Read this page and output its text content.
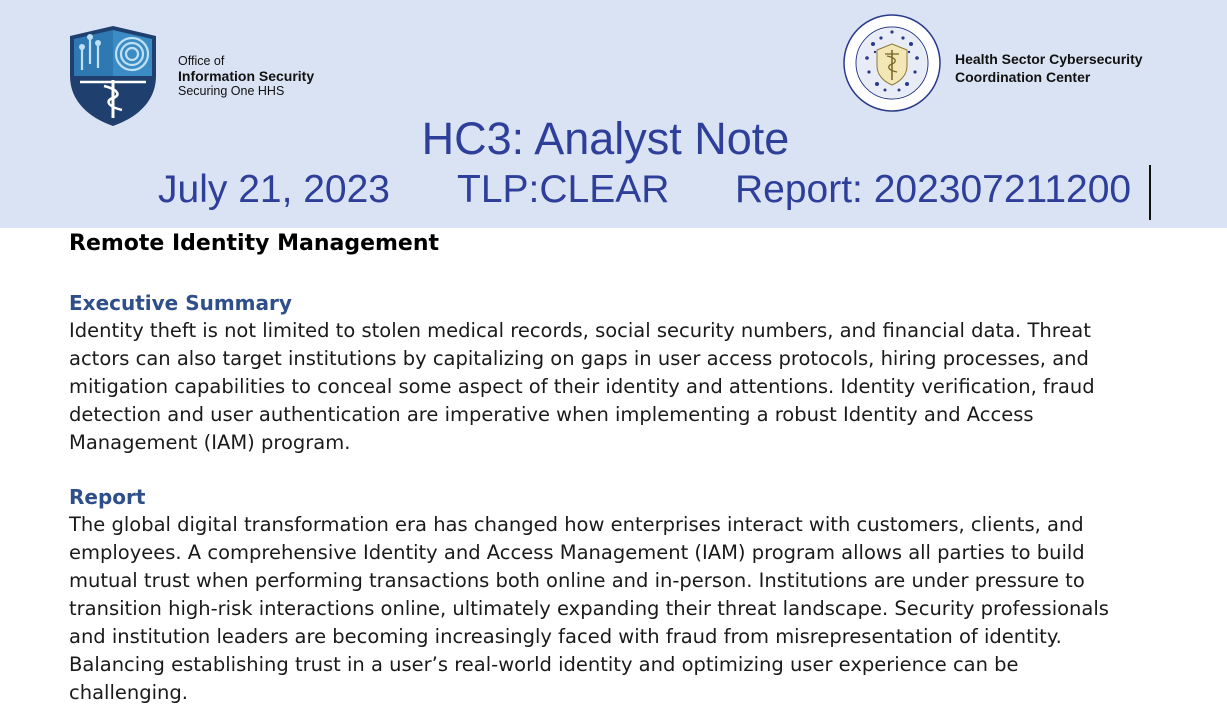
Office of
Information Security
Securing One HHS
Health Sector Cybersecurity
Coordination Center
HC3: Analyst Note
July 21, 2023 TLP:CLEAR Report: 202307211200
Remote Identity Management
Executive Summary
Identity theft is not limited to stolen medical records, social security numbers, and financial data. Threat
actors can also target institutions by capitalizing on gaps in user access protocols, hiring processes, and
mitigation capabilities to conceal some aspect of their identity and attentions. Identity verification, fraud
detection and user authentication are imperative when implementing a robust Identity and Access
Management (IAM) program.
Report
The global digital transformation era has changed how enterprises interact with customers, clients, and
employees. A comprehensive Identity and Access Management (IAM) program allows all parties to build
mutual trust when performing transactions both online and in-person. Institutions are under pressure to
transition high-risk interactions online, ultimately expanding their threat landscape. Security professionals
and institution leaders are becoming increasingly faced with fraud from misrepresentation of identity.
Balancing establishing trust in a user’s real-world identity and optimizing user experience can be
challenging.
